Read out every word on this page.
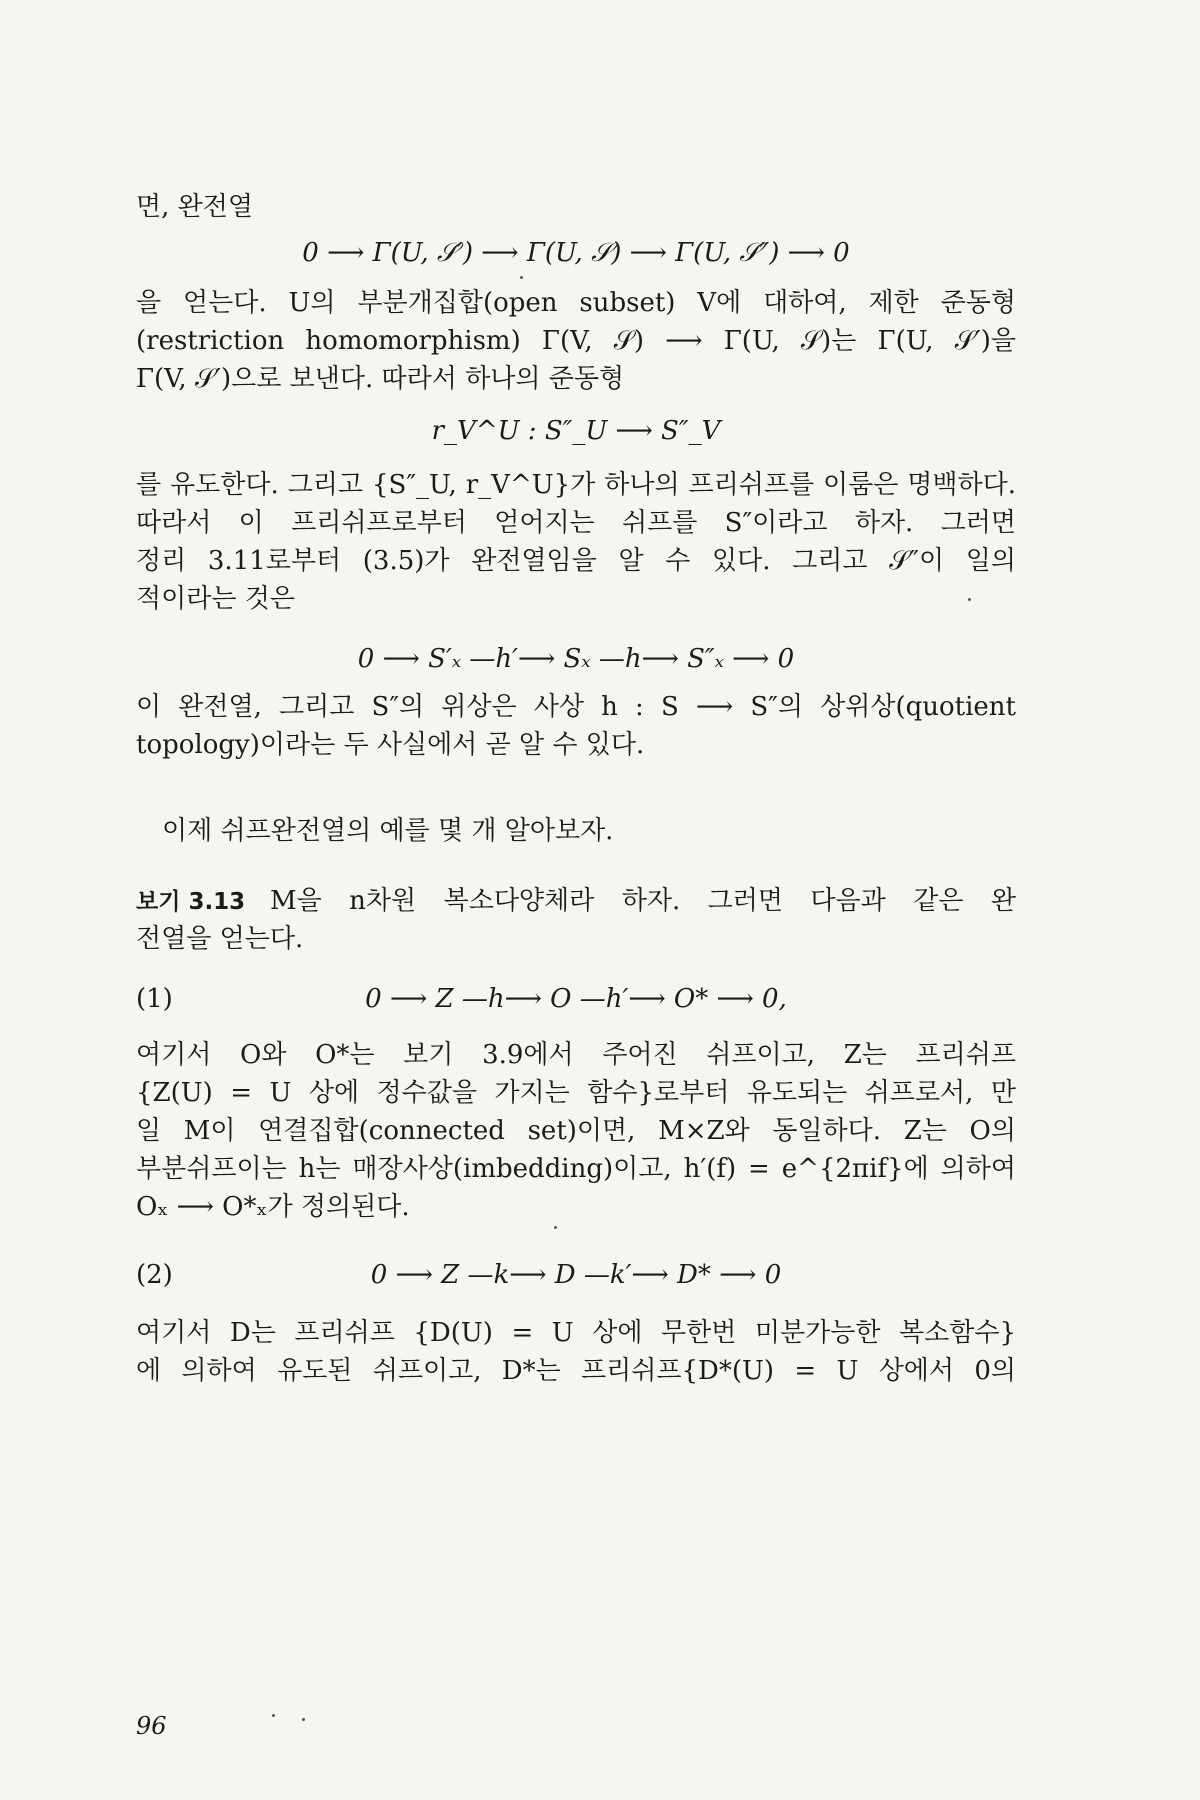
면, 완전열
0 ⟶ Γ(U, 𝒮′) ⟶ Γ(U, 𝒮) ⟶ Γ(U, 𝒮″) ⟶ 0
을 얻는다. U의 부분개집합(open subset) V에 대하여, 제한 준동형
(restriction homomorphism) Γ(V, 𝒮) ⟶ Γ(U, 𝒮)는 Γ(U, 𝒮′)을
Γ(V, 𝒮′)으로 보낸다. 따라서 하나의 준동형
r_V^U : S″_U ⟶ S″_V
를 유도한다. 그리고 {S″_U, r_V^U}가 하나의 프리쉬프를 이룸은 명백하다.
따라서 이 프리쉬프로부터 얻어지는 쉬프를 S″이라고 하자. 그러면
정리 3.11로부터 (3.5)가 완전열임을 알 수 있다. 그리고 𝒮″이 일의
적이라는 것은
0 ⟶ S′ₓ —h′⟶ Sₓ —h⟶ S″ₓ ⟶ 0
이 완전열, 그리고 S″의 위상은 사상 h : S ⟶ S″의 상위상(quotient
topology)이라는 두 사실에서 곧 알 수 있다.
이제 쉬프완전열의 예를 몇 개 알아보자.
보기 3.13 M을 n차원 복소다양체라 하자. 그러면 다음과 같은 완
전열을 얻는다.
(1)	0 ⟶ Z —h⟶ O —h′⟶ O* ⟶ 0,
여기서 O와 O*는 보기 3.9에서 주어진 쉬프이고, Z는 프리쉬프
{Z(U) = U 상에 정수값을 가지는 함수}로부터 유도되는 쉬프로서, 만
일 M이 연결집합(connected set)이면, M×Z와 동일하다. Z는 O의
부분쉬프이는 h는 매장사상(imbedding)이고, h′(f) = e^{2πif}에 의하여
Oₓ ⟶ O*ₓ가 정의된다.
(2)	0 ⟶ Z —k⟶ D —k′⟶ D* ⟶ 0
여기서 D는 프리쉬프 {D(U) = U 상에 무한번 미분가능한 복소함수}
에 의하여 유도된 쉬프이고, D*는 프리쉬프{D*(U) = U 상에서 0의
96
